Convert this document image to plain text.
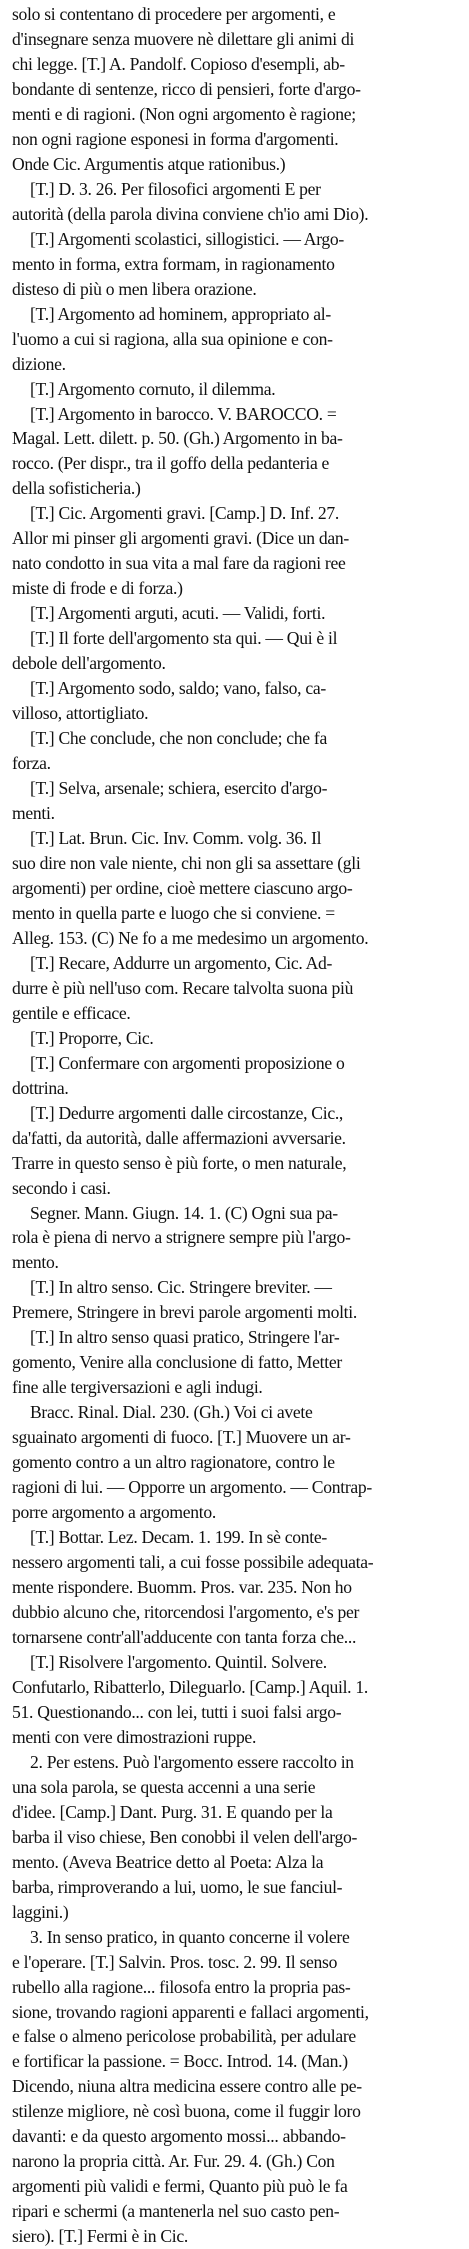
solo si contentano di procedere per argomenti, e
d'insegnare senza muovere nè dilettare gli animi di
chi legge. [T.] A. Pandolf. Copioso d'esempli, ab-
bondante di sentenze, ricco di pensieri, forte d'argo-
menti e di ragioni. (Non ogni argomento è ragione;
non ogni ragione esponesi in forma d'argomenti.
Onde Cic. Argumentis atque rationibus.)
[T.] D. 3. 26. Per filosofici argomenti E per
autorità (della parola divina conviene ch'io ami Dio).
[T.] Argomenti scolastici, sillogistici. — Argo-
mento in forma, extra formam, in ragionamento
disteso di più o men libera orazione.
[T.] Argomento ad hominem, appropriato al-
l'uomo a cui si ragiona, alla sua opinione e con-
dizione.
[T.] Argomento cornuto, il dilemma.
[T.] Argomento in barocco. V. BAROCCO. =
Magal. Lett. dilett. p. 50. (Gh.) Argomento in ba-
rocco. (Per dispr., tra il goffo della pedanteria e
della sofisticheria.)
[T.] Cic. Argomenti gravi. [Camp.] D. Inf. 27.
Allor mi pinser gli argomenti gravi. (Dice un dan-
nato condotto in sua vita a mal fare da ragioni ree
miste di frode e di forza.)
[T.] Argomenti arguti, acuti. — Validi, forti.
[T.] Il forte dell'argomento sta qui. — Qui è il
debole dell'argomento.
[T.] Argomento sodo, saldo; vano, falso, ca-
villoso, attortigliato.
[T.] Che conclude, che non conclude; che fa
forza.
[T.] Selva, arsenale; schiera, esercito d'argo-
menti.
[T.] Lat. Brun. Cic. Inv. Comm. volg. 36. Il
suo dire non vale niente, chi non gli sa assettare (gli
argomenti) per ordine, cioè mettere ciascuno argo-
mento in quella parte e luogo che si conviene. =
Alleg. 153. (C) Ne fo a me medesimo un argomento.
[T.] Recare, Addurre un argomento, Cic. Ad-
durre è più nell'uso com. Recare talvolta suona più
gentile e efficace.
[T.] Proporre, Cic.
[T.] Confermare con argomenti proposizione o
dottrina.
[T.] Dedurre argomenti dalle circostanze, Cic.,
da'fatti, da autorità, dalle affermazioni avversarie.
Trarre in questo senso è più forte, o men naturale,
secondo i casi.
Segner. Mann. Giugn. 14. 1. (C) Ogni sua pa-
rola è piena di nervo a strignere sempre più l'argo-
mento.
[T.] In altro senso. Cic. Stringere breviter. —
Premere, Stringere in brevi parole argomenti molti.
[T.] In altro senso quasi pratico, Stringere l'ar-
gomento, Venire alla conclusione di fatto, Metter
fine alle tergiversazioni e agli indugi.
Bracc. Rinal. Dial. 230. (Gh.) Voi ci avete
sguainato argomenti di fuoco. [T.] Muovere un ar-
gomento contro a un altro ragionatore, contro le
ragioni di lui. — Opporre un argomento. — Contrap-
porre argomento a argomento.
[T.] Bottar. Lez. Decam. 1. 199. In sè conte-
nessero argomenti tali, a cui fosse possibile adequata-
mente rispondere. Buomm. Pros. var. 235. Non ho
dubbio alcuno che, ritorcendosi l'argomento, e's per
tornarsene contr'all'adducente con tanta forza che...
[T.] Risolvere l'argomento. Quintil. Solvere.
Confutarlo, Ribatterlo, Dileguarlo. [Camp.] Aquil. 1.
51. Questionando... con lei, tutti i suoi falsi argo-
menti con vere dimostrazioni ruppe.
2. Per estens. Può l'argomento essere raccolto in
una sola parola, se questa accenni a una serie
d'idee. [Camp.] Dant. Purg. 31. E quando per la
barba il viso chiese, Ben conobbi il velen dell'argo-
mento. (Aveva Beatrice detto al Poeta: Alza la
barba, rimproverando a lui, uomo, le sue fanciul-
laggini.)
3. In senso pratico, in quanto concerne il volere
e l'operare. [T.] Salvin. Pros. tosc. 2. 99. Il senso
rubello alla ragione... filosofa entro la propria pas-
sione, trovando ragioni apparenti e fallaci argomenti,
e false o almeno pericolose probabilità, per adulare
e fortificar la passione. = Bocc. Introd. 14. (Man.)
Dicendo, niuna altra medicina essere contro alle pe-
stilenze migliore, nè così buona, come il fuggir loro
davanti: e da questo argomento mossi... abbando-
narono la propria città. Ar. Fur. 29. 4. (Gh.) Con
argomenti più validi e fermi, Quanto più può le fa
ripari e schermi (a mantenerla nel suo casto pen-
siero). [T.] Fermi è in Cic.
